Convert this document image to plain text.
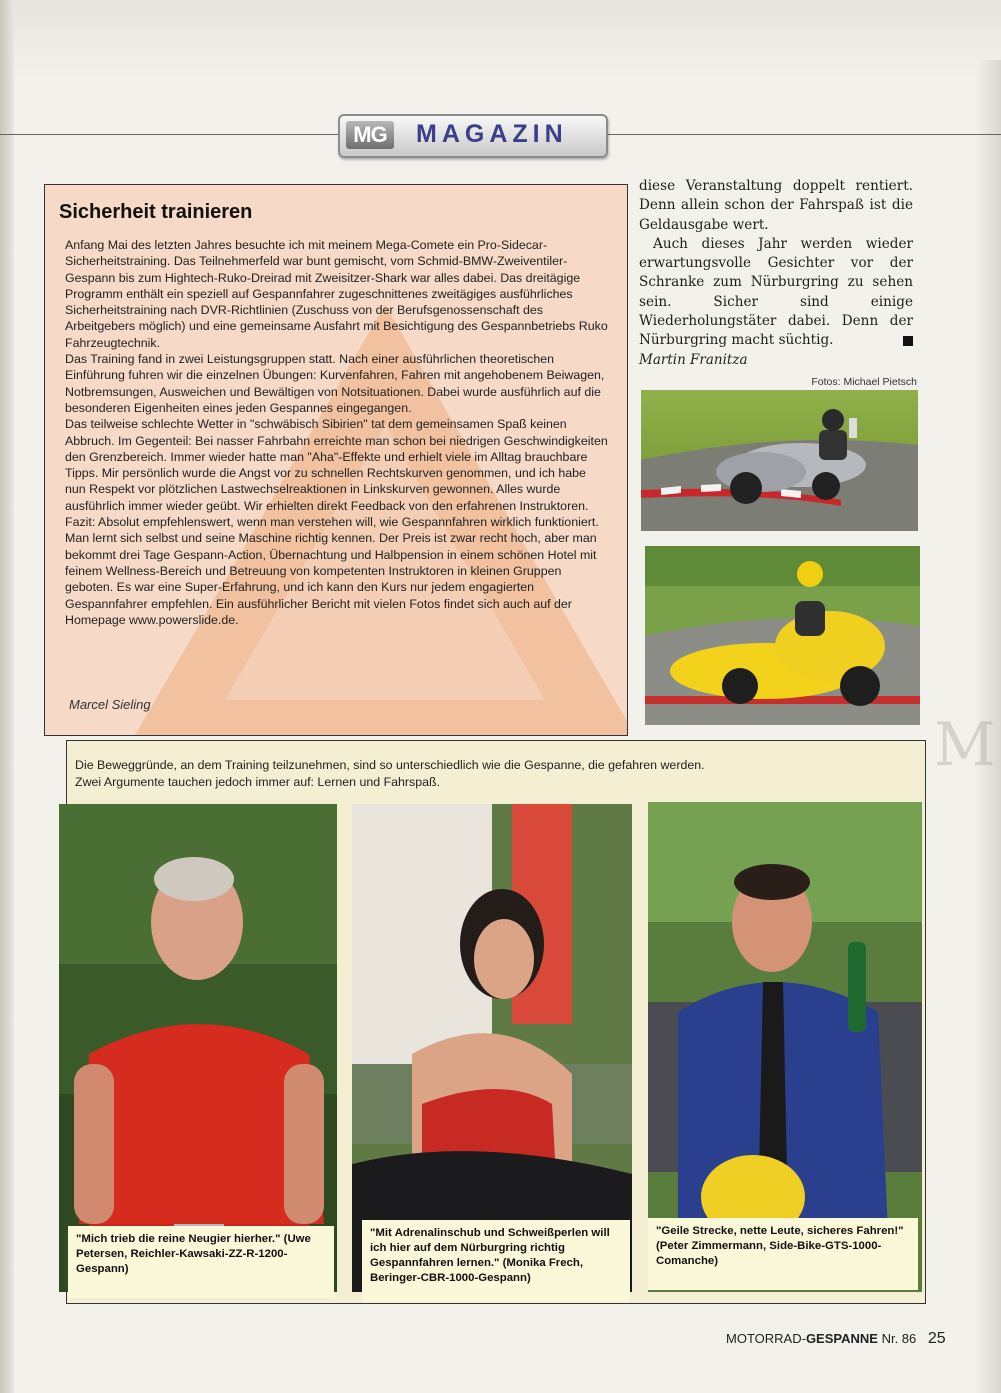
M
MG MAGAZIN
Sicherheit trainieren

Anfang Mai des letzten Jahres besuchte ich mit meinem Mega-Comete ein Pro-Sidecar-Sicherheitstraining. Das Teilnehmerfeld war bunt gemischt, vom Schmid-BMW-Zweiventiler-Gespann bis zum Hightech-Ruko-Dreirad mit Zweisitzer-Shark war alles dabei. Das dreitägige Programm enthält ein speziell auf Gespannfahrer zugeschnittenes zweitägiges ausführliches Sicherheitstraining nach DVR-Richtlinien (Zuschuss von der Berufsgenossenschaft des Arbeitgebers möglich) und eine gemeinsame Ausfahrt mit Besichtigung des Gespannbetriebs Ruko Fahrzeugtechnik.

Das Training fand in zwei Leistungsgruppen statt. Nach einer ausführlichen theoretischen Einführung fuhren wir die einzelnen Übungen: Kurvenfahren, Fahren mit angehobenem Beiwagen, Notbremsungen, Ausweichen und Bewältigen von Notsituationen. Dabei wurde ausführlich auf die besonderen Eigenheiten eines jeden Gespannes eingegangen.

Das teilweise schlechte Wetter in "schwäbisch Sibirien" tat dem gemeinsamen Spaß keinen Abbruch. Im Gegenteil: Bei nasser Fahrbahn erreichte man schon bei niedrigen Geschwindigkeiten den Grenzbereich. Immer wieder hatte man "Aha"-Effekte und erhielt viele im Alltag brauchbare Tipps. Mir persönlich wurde die Angst vor zu schnellen Rechtskurven genommen, und ich habe nun Respekt vor plötzlichen Lastwechselreaktionen in Linkskurven gewonnen. Alles wurde ausführlich immer wieder geübt. Wir erhielten direkt Feedback von den erfahrenen Instruktoren.

Fazit: Absolut empfehlenswert, wenn man verstehen will, wie Gespannfahren wirklich funktioniert. Man lernt sich selbst und seine Maschine richtig kennen. Der Preis ist zwar recht hoch, aber man bekommt drei Tage Gespann-Action, Übernachtung und Halbpension in einem schönen Hotel mit feinem Wellness-Bereich und Betreuung von kompetenten Instruktoren in kleinen Gruppen geboten. Es war eine Super-Erfahrung, und ich kann den Kurs nur jedem engagierten Gespannfahrer empfehlen. Ein ausführlicher Bericht mit vielen Fotos findet sich auch auf der Homepage www.powerslide.de.

Marcel Sieling

diese Veranstaltung doppelt rentiert. Denn allein schon der Fahrspaß ist die Geldausgabe wert.

Auch dieses Jahr werden wieder erwartungsvolle Gesichter vor der Schranke zum Nürburgring zu sehen sein. Sicher sind einige Wiederholungstäter dabei. Denn der Nürburgring macht süchtig.

Martin Franitza
Fotos: Michael Pietsch
Die Beweggründe, an dem Training teilzunehmen, sind so unterschiedlich wie die Gespanne, die gefahren werden.
Zwei Argumente tauchen jedoch immer auf: Lernen und Fahrspaß.
"Mich trieb die reine Neugier hierher." (Uwe Petersen, Reichler-Kawsaki-ZZ-R-1200-Gespann)
"Mit Adrenalinschub und Schweißperlen will ich hier auf dem Nürburgring richtig Gespannfahren lernen." (Monika Frech, Beringer-CBR-1000-Gespann)
"Geile Strecke, nette Leute, sicheres Fahren!" (Peter Zimmermann, Side-Bike-GTS-1000-Comanche)
MOTORRAD-GESPANNE Nr. 86 25
